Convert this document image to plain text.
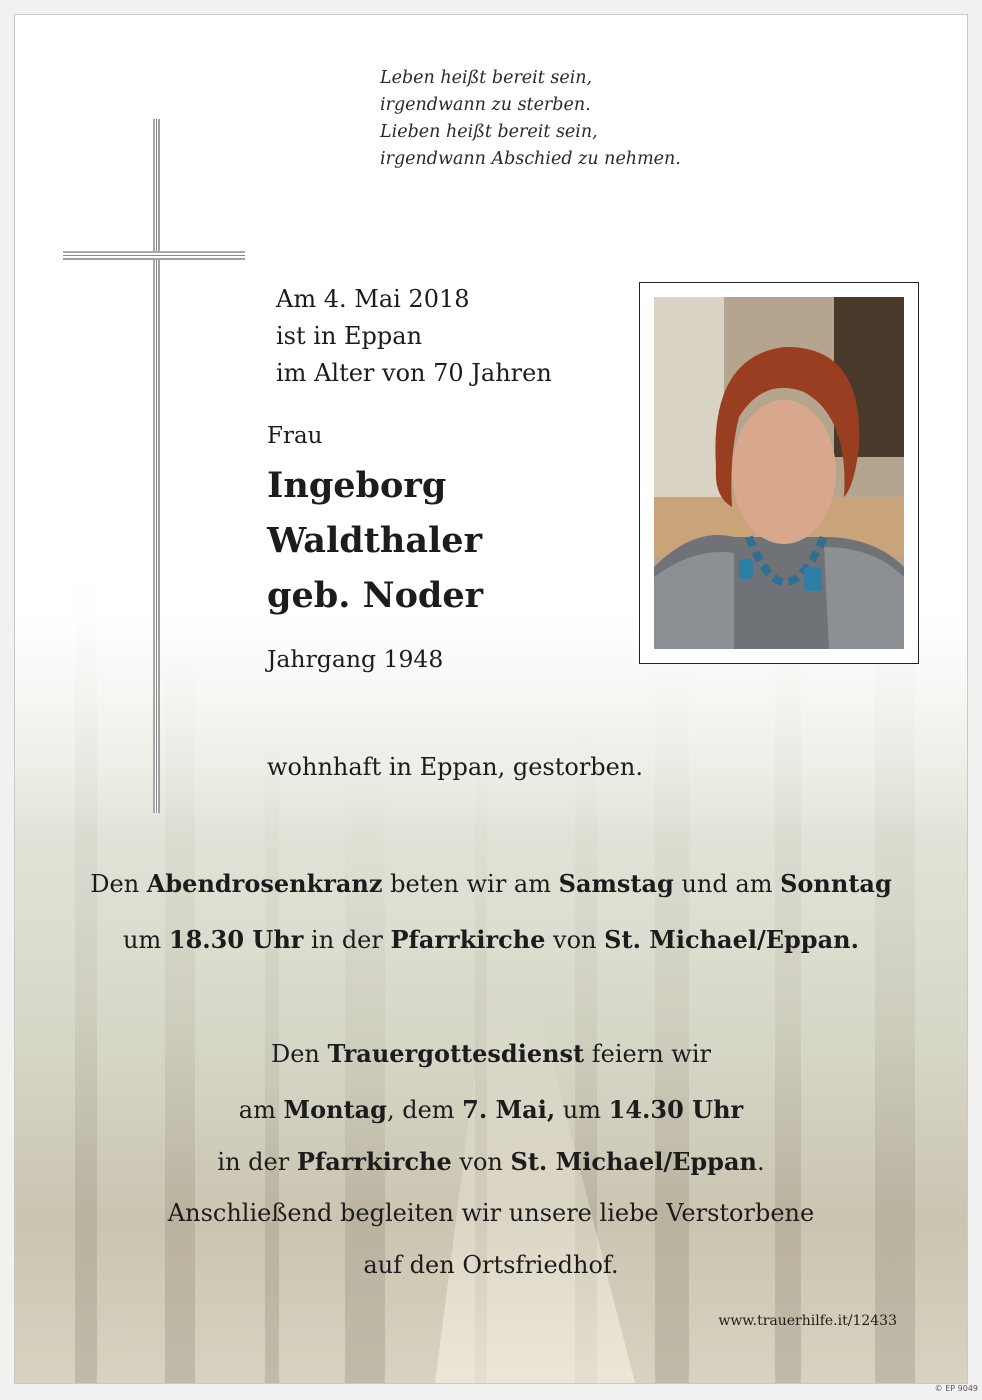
Leben heißt bereit sein,
irgendwann zu sterben.
Lieben heißt bereit sein,
irgendwann Abschied zu nehmen.
Am 4. Mai 2018
ist in Eppan
im Alter von 70 Jahren
Frau
Ingeborg
Waldthaler
geb. Noder
Jahrgang 1948
wohnhaft in Eppan, gestorben.
Den Abendrosenkranz beten wir am Samstag und am Sonntag
um 18.30 Uhr in der Pfarrkirche von St. Michael/Eppan.
Den Trauergottesdienst feiern wir
am Montag, dem 7. Mai, um 14.30 Uhr
in der Pfarrkirche von St. Michael/Eppan.
Anschließend begleiten wir unsere liebe Verstorbene
auf den Ortsfriedhof.
www.trauerhilfe.it/12433
© EP 9049
